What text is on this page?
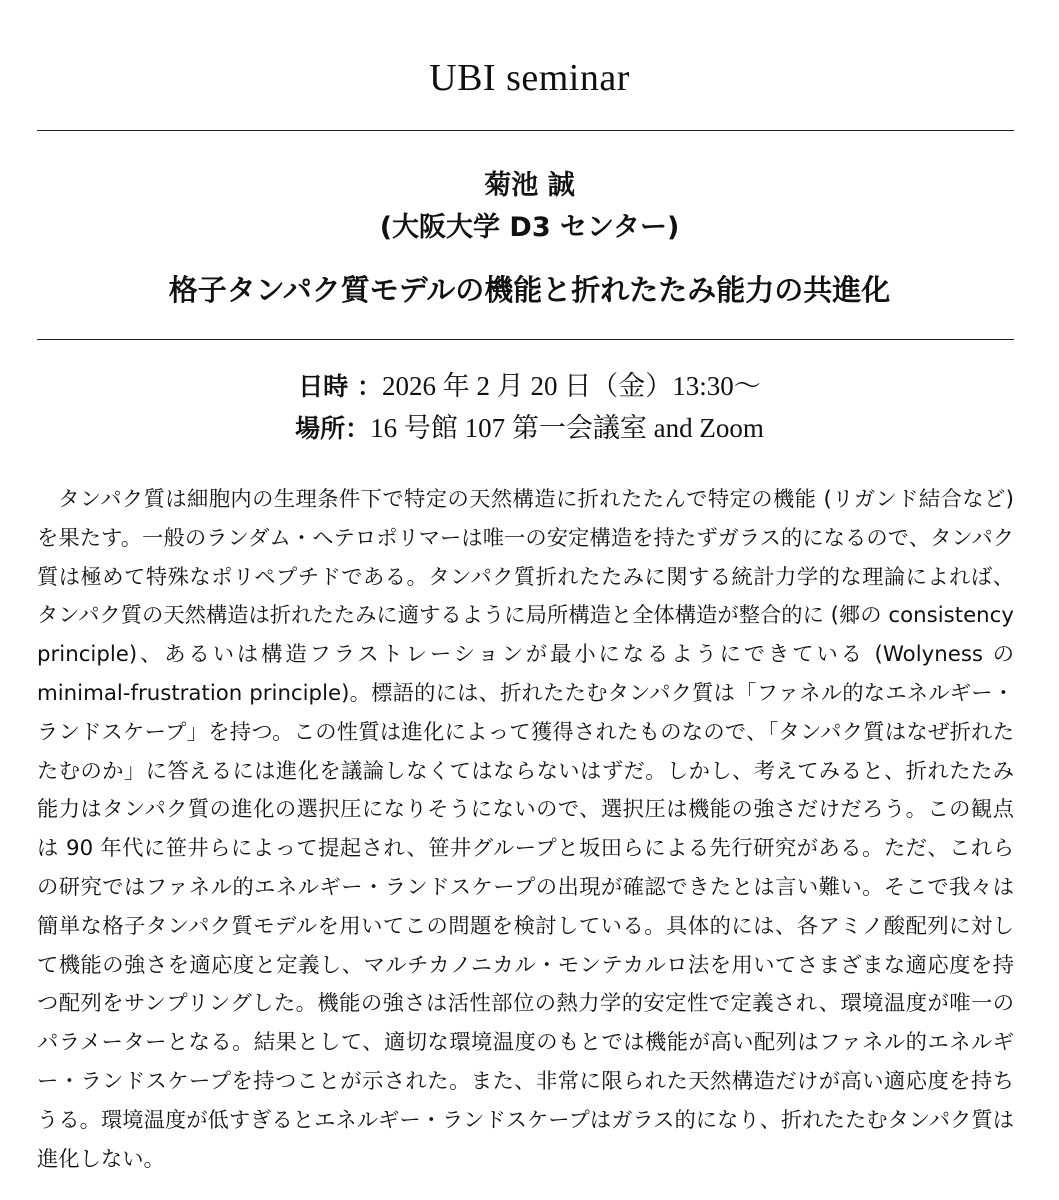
UBI seminar
菊池 誠
(大阪大学 D3 センター)
格子タンパク質モデルの機能と折れたたみ能力の共進化
日時 ：2026 年 2 月 20 日（金）13:30〜
場所：16 号館 107 第一会議室 and Zoom
タンパク質は細胞内の生理条件下で特定の天然構造に折れたたんで特定の機能 (リガンド結合など) を果たす。一般のランダム・ヘテロポリマーは唯一の安定構造を持たずガラス的になるので、タンパク質は極めて特殊なポリペプチドである。タンパク質折れたたみに関する統計力学的な理論によれば、タンパク質の天然構造は折れたたみに適するように局所構造と全体構造が整合的に (郷の consistency principle)、あるいは構造フラストレーションが最小になるようにできている (Wolyness の minimal-frustration principle)。標語的には、折れたたむタンパク質は「ファネル的なエネルギー・ランドスケープ」を持つ。この性質は進化によって獲得されたものなので、「タンパク質はなぜ折れたたむのか」に答えるには進化を議論しなくてはならないはずだ。しかし、考えてみると、折れたたみ能力はタンパク質の進化の選択圧になりそうにないので、選択圧は機能の強さだけだろう。この観点は 90 年代に笹井らによって提起され、笹井グループと坂田らによる先行研究がある。ただ、これらの研究ではファネル的エネルギー・ランドスケープの出現が確認できたとは言い難い。そこで我々は簡単な格子タンパク質モデルを用いてこの問題を検討している。具体的には、各アミノ酸配列に対して機能の強さを適応度と定義し、マルチカノニカル・モンテカルロ法を用いてさまざまな適応度を持つ配列をサンプリングした。機能の強さは活性部位の熱力学的安定性で定義され、環境温度が唯一のパラメーターとなる。結果として、適切な環境温度のもとでは機能が高い配列はファネル的エネルギー・ランドスケープを持つことが示された。また、非常に限られた天然構造だけが高い適応度を持ちうる。環境温度が低すぎるとエネルギー・ランドスケープはガラス的になり、折れたたむタンパク質は進化しない。
